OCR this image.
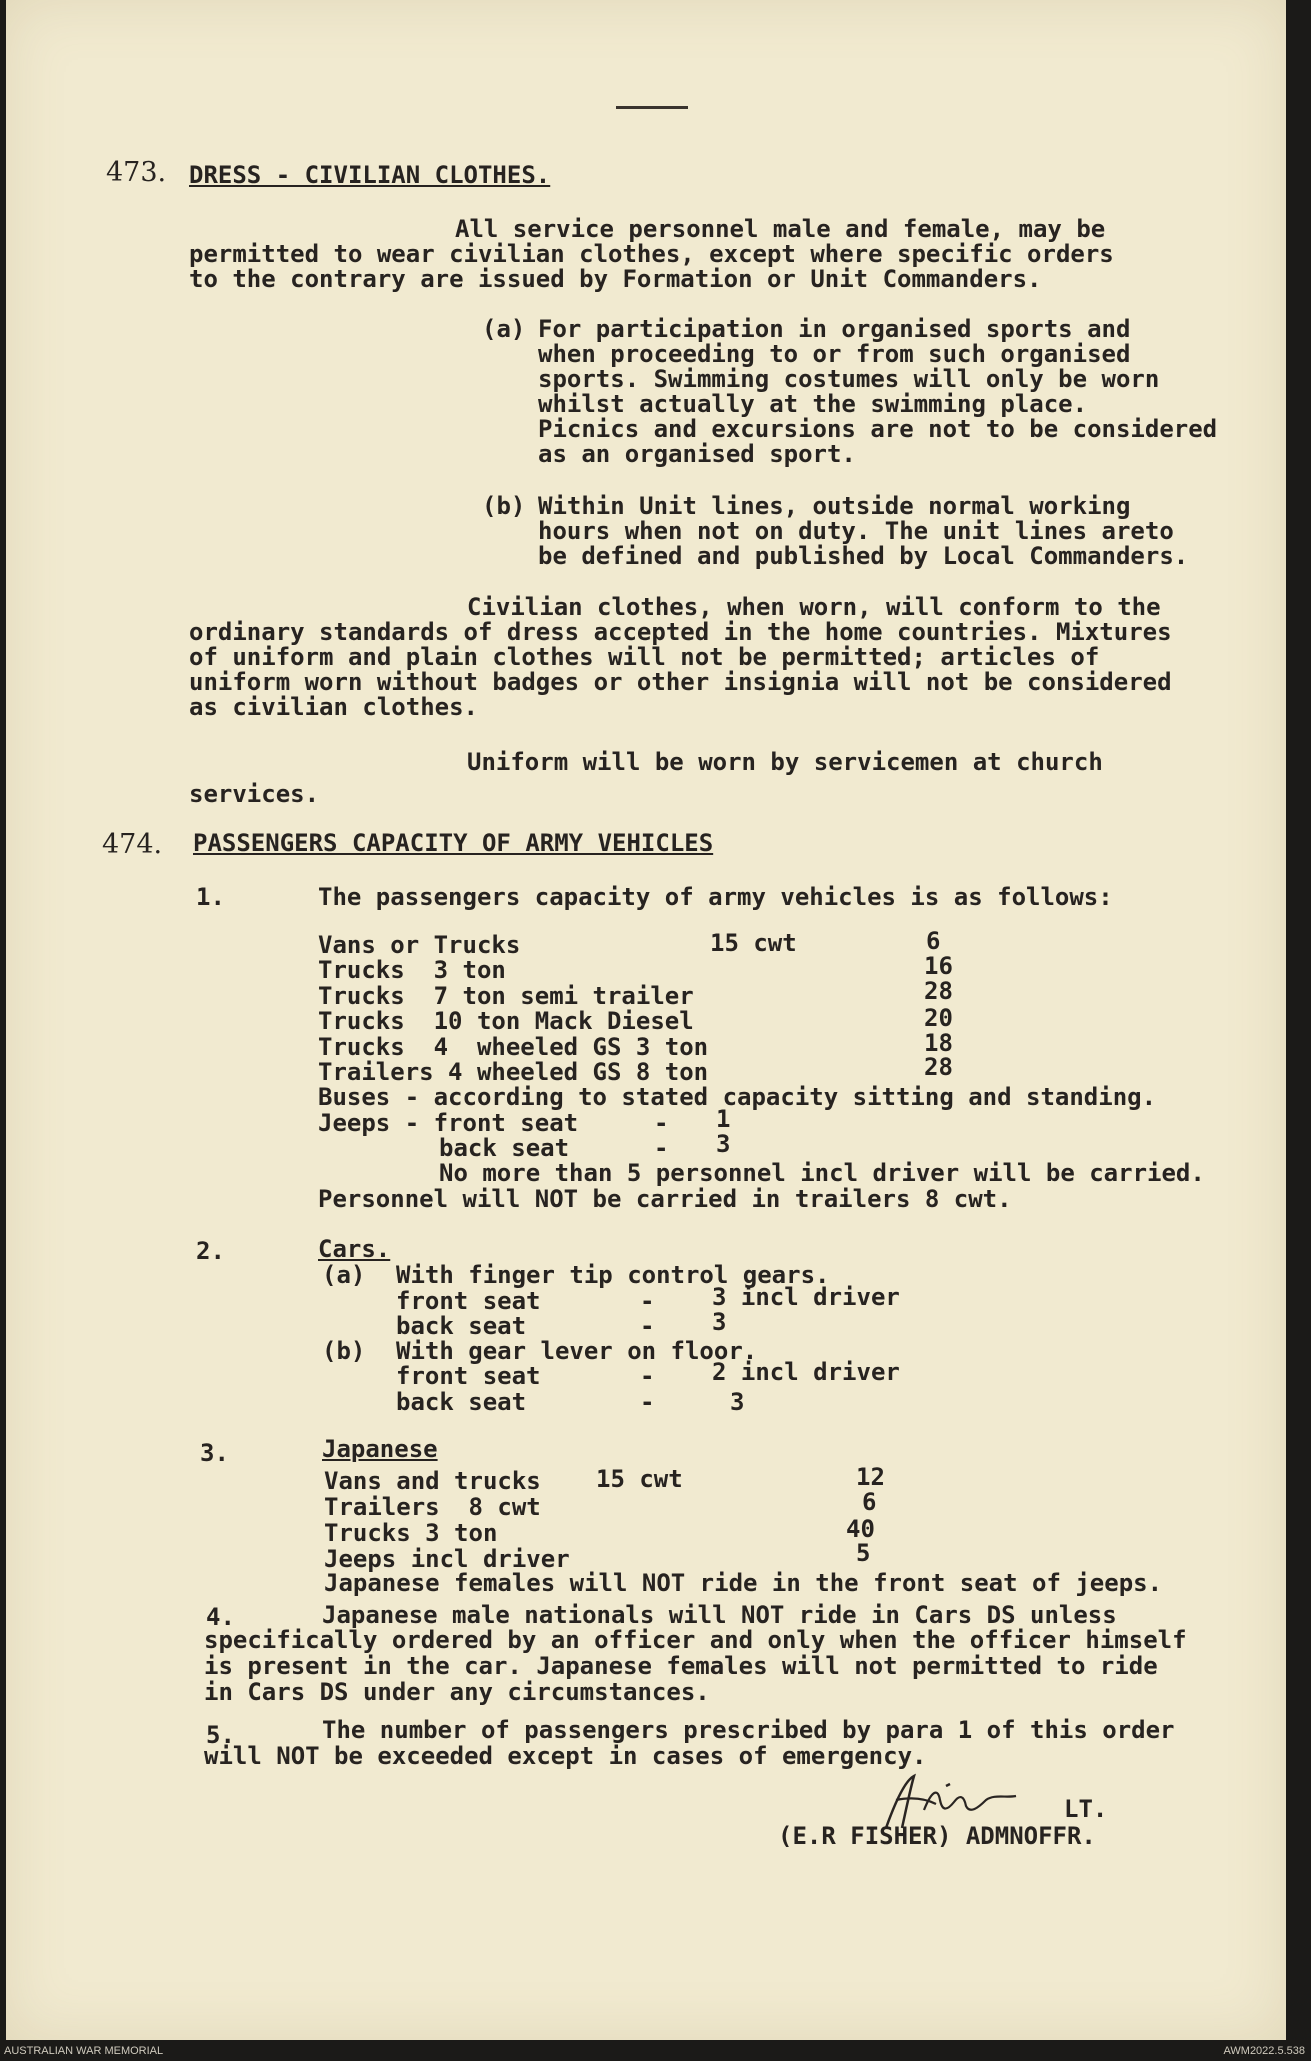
473. DRESS - CIVILIAN CLOTHES.
All service personnel male and female, may be
permitted to wear civilian clothes, except where specific orders
to the contrary are issued by Formation or Unit Commanders.
(a) For participation in organised sports and
when proceeding to or from such organised
sports. Swimming costumes will only be worn
whilst actually at the swimming place.
Picnics and excursions are not to be considered
as an organised sport.
(b) Within Unit lines, outside normal working
hours when not on duty. The unit lines areto
be defined and published by Local Commanders.
Civilian clothes, when worn, will conform to the
ordinary standards of dress accepted in the home countries. Mixtures
of uniform and plain clothes will not be permitted; articles of
uniform worn without badges or other insignia will not be considered
as civilian clothes.
Uniform will be worn by servicemen at church
services.
474. PASSENGERS CAPACITY OF ARMY VEHICLES
1.	The passengers capacity of army vehicles is as follows:
Vans or Trucks	15 cwt	6
Trucks  3 ton	16
Trucks  7 ton semi trailer	28
Trucks  10 ton Mack Diesel	20
Trucks  4  wheeled GS 3 ton	18
Trailers 4 wheeled GS 8 ton	28
Buses - according to stated capacity sitting and standing.
Jeeps - front seat	- 1
back seat	- 3
No more than 5 personnel incl driver will be carried.
Personnel will NOT be carried in trailers 8 cwt.
2.	Cars.
(a) With finger tip control gears.
front seat	- 3 incl driver
back seat	- 3
(b) With gear lever on floor.
front seat	- 2 incl driver
back seat	-	3
3.	Japanese
Vans and trucks 15 cwt	12
Trailers  8 cwt	6
Trucks 3 ton	40
Jeeps incl driver	5
Japanese females will NOT ride in the front seat of jeeps.
4.	Japanese male nationals will NOT ride in Cars DS unless
specifically ordered by an officer and only when the officer himself
is present in the car. Japanese females will not permitted to ride
in Cars DS under any circumstances.
5.	The number of passengers prescribed by para 1 of this order
will NOT be exceeded except in cases of emergency.
LT.
(E.R FISHER) ADMNOFFR.
AUSTRALIAN WAR MEMORIAL	AWM2022.5.538
